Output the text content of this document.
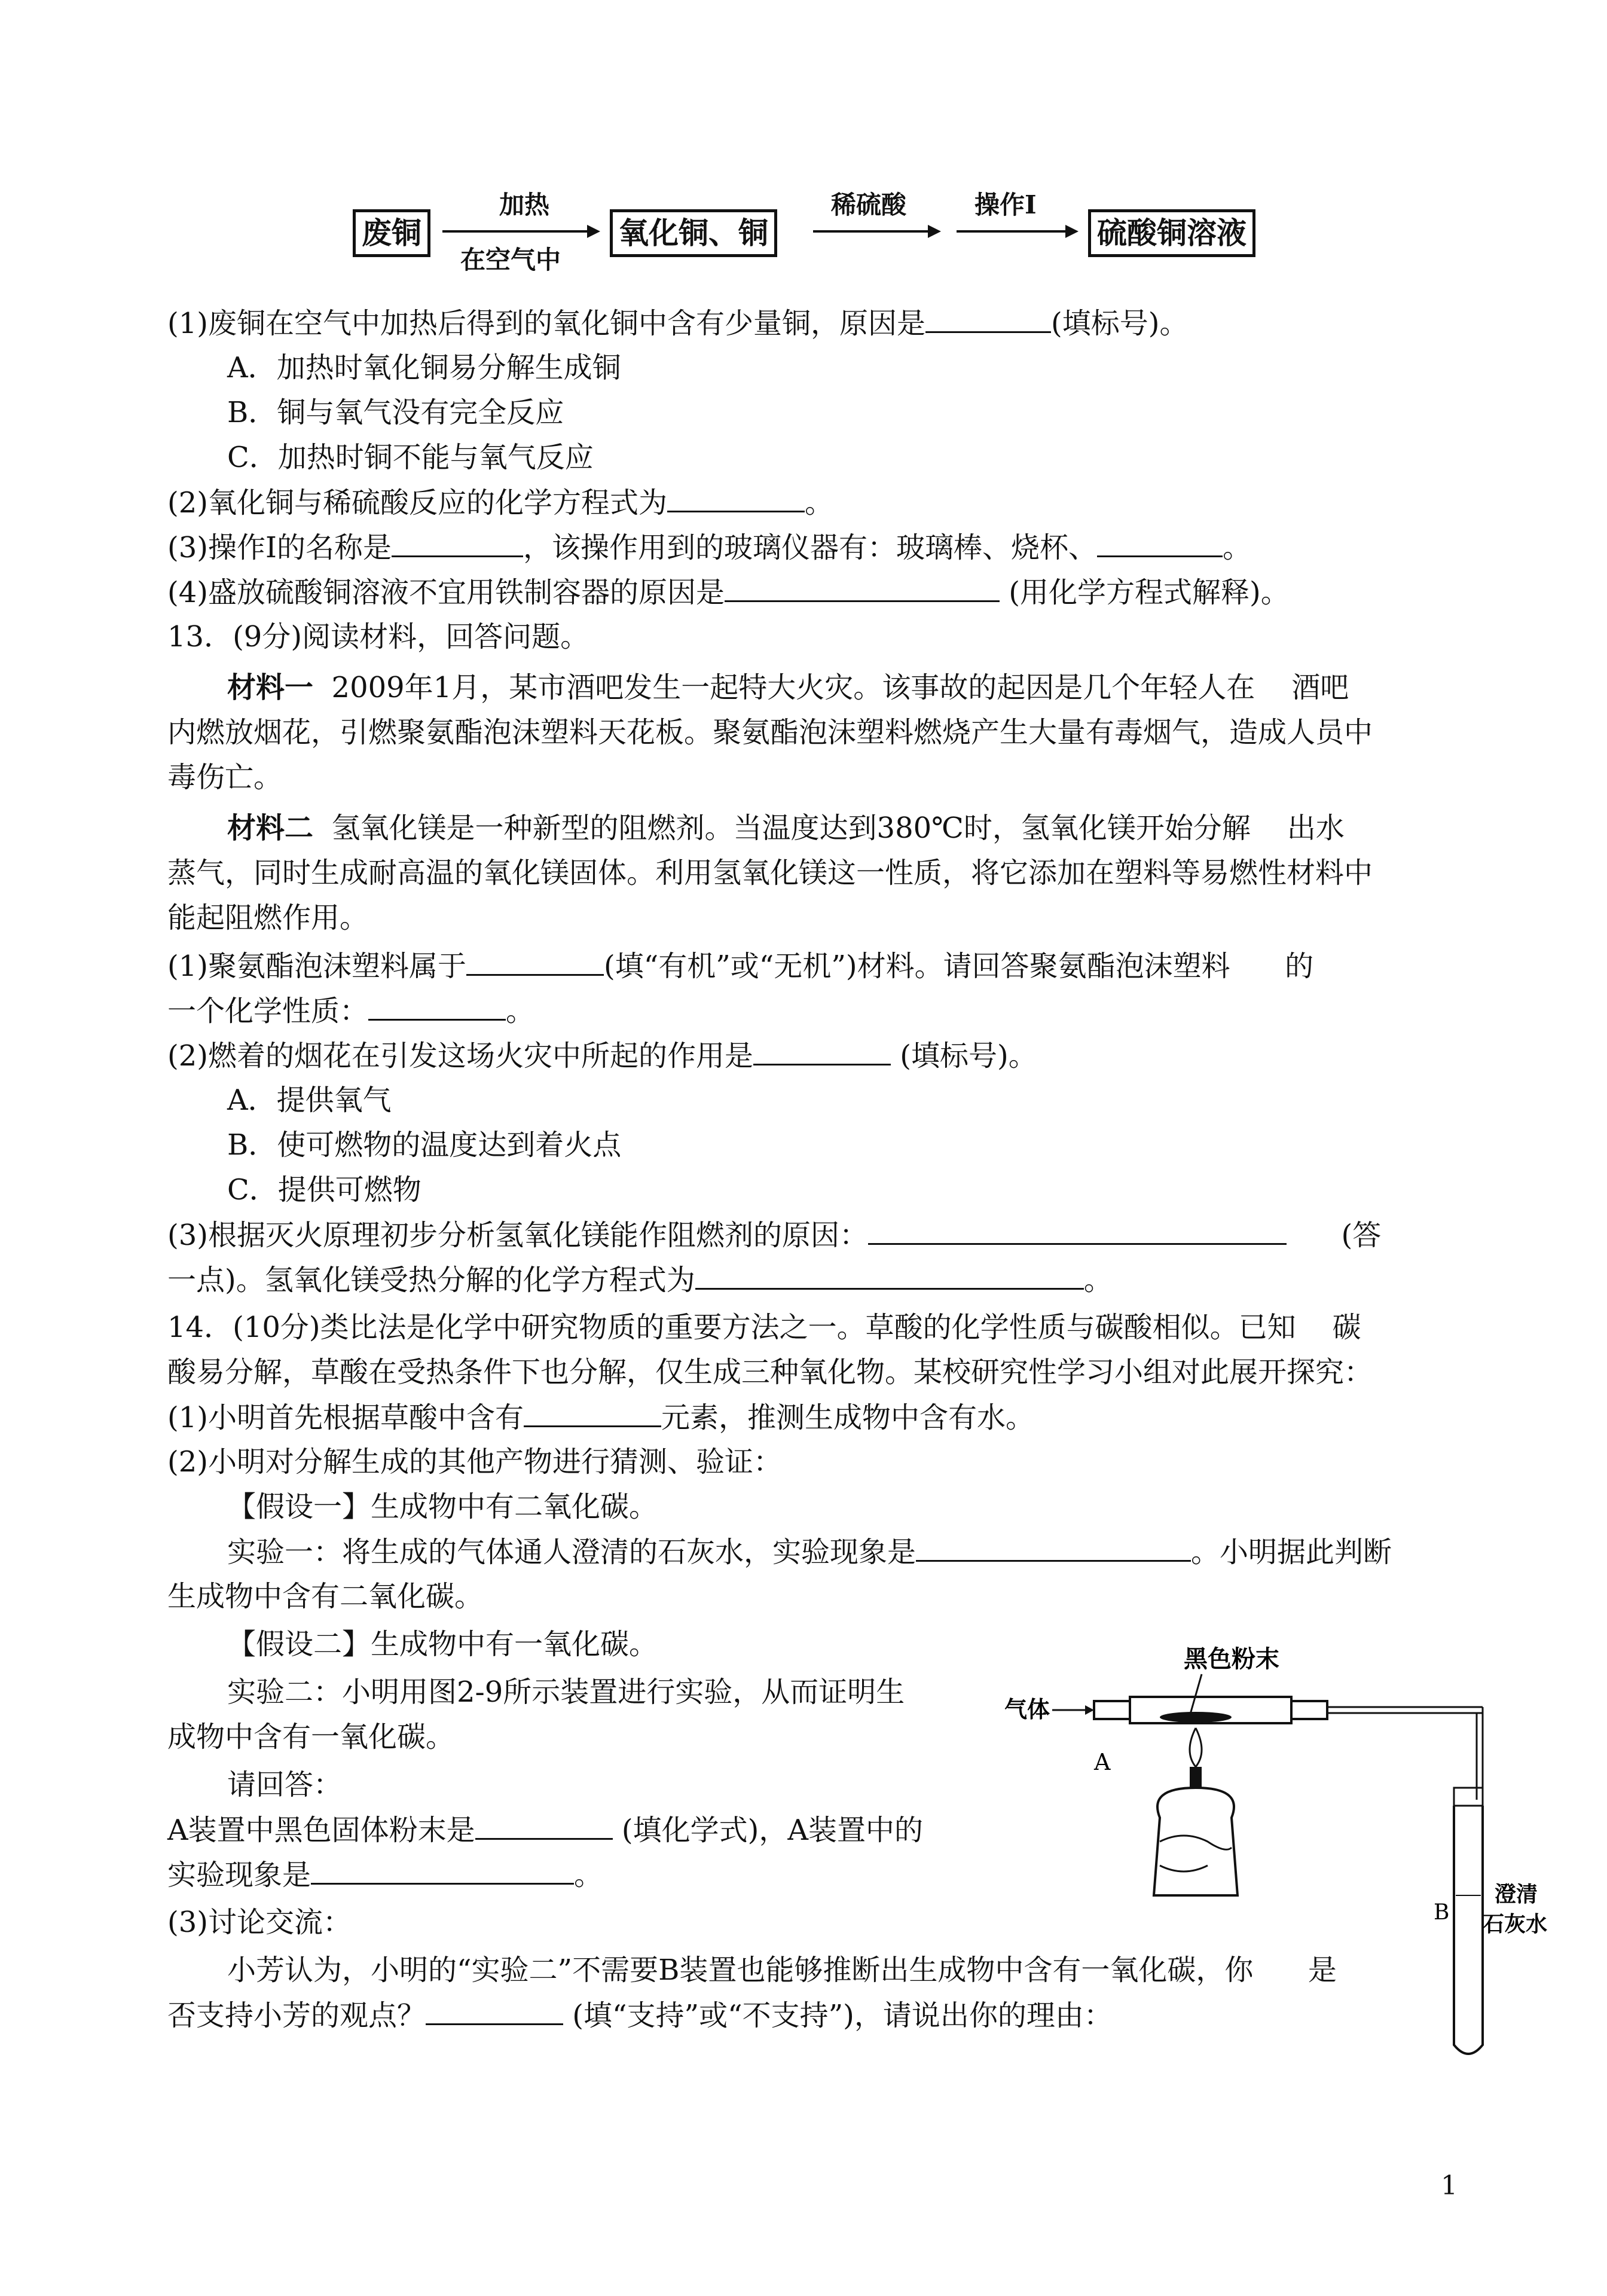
废铜
加热
在空气中
氧化铜、铜
稀硫酸	操作Ⅰ
硫酸铜溶液
(1)废铜在空气中加热后得到的氧化铜中含有少量铜，原因是	(填标号)。
A．加热时氧化铜易分解生成铜
B．铜与氧气没有完全反应
C．加热时铜不能与氧气反应
(2)氧化铜与稀硫酸反应的化学方程式为	。
(3)操作Ⅰ的名称是	，该操作用到的玻璃仪器有：玻璃棒、烧杯、	。
(4)盛放硫酸铜溶液不宜用铁制容器的原因是	(用化学方程式解释)。
13．(9分)阅读材料，回答问题。
材料一  2009年1月，某市酒吧发生一起特大火灾。该事故的起因是几个年轻人在    酒吧
内燃放烟花，引燃聚氨酯泡沫塑料天花板。聚氨酯泡沫塑料燃烧产生大量有毒烟气，造成人员中
毒伤亡。
材料二  氢氧化镁是一种新型的阻燃剂。当温度达到380℃时，氢氧化镁开始分解    出水
蒸气，同时生成耐高温的氧化镁固体。利用氢氧化镁这一性质，将它添加在塑料等易燃性材料中
能起阻燃作用。
(1)聚氨酯泡沫塑料属于	(填“有机”或“无机”)材料。请回答聚氨酯泡沫塑料      的
一个化学性质：	。
(2)燃着的烟花在引发这场火灾中所起的作用是	(填标号)。
A．提供氧气
B．使可燃物的温度达到着火点
C．提供可燃物
(3)根据灭火原理初步分析氢氧化镁能作阻燃剂的原因：	(答
一点)。氢氧化镁受热分解的化学方程式为	。
14．(10分)类比法是化学中研究物质的重要方法之一。草酸的化学性质与碳酸相似。已知    碳
酸易分解，草酸在受热条件下也分解，仅生成三种氧化物。某校研究性学习小组对此展开探究：
(1)小明首先根据草酸中含有	元素，推测生成物中含有水。
(2)小明对分解生成的其他产物进行猜测、验证：
【假设一】生成物中有二氧化碳。
实验一：将生成的气体通人澄清的石灰水，实验现象是	。小明据此判断
生成物中含有二氧化碳。
【假设二】生成物中有一氧化碳。
实验二：小明用图2-9所示装置进行实验，从而证明生
成物中含有一氧化碳。
请回答：
A装置中黑色固体粉末是	(填化学式)，A装置中的
实验现象是	。
(3)讨论交流：
小芳认为，小明的“实验二”不需要B装置也能够推断出生成物中含有一氧化碳，你      是
否支持小芳的观点？	(填“支持”或“不支持”)，请说出你的理由：
黑色粉末
气体
A
B
澄清
石灰水
1
